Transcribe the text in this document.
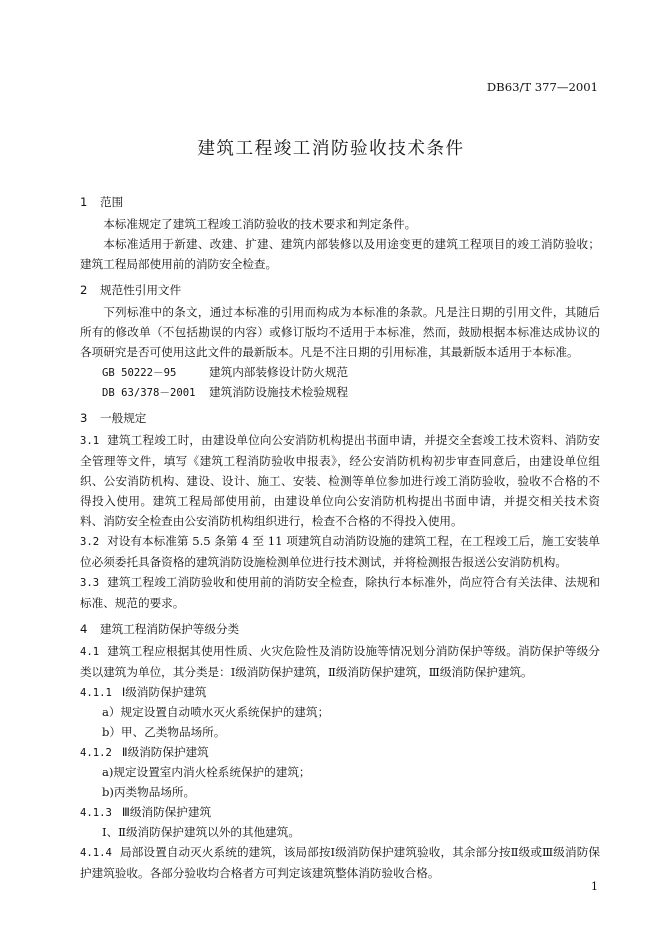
DB63/T 377—2001
建筑工程竣工消防验收技术条件
1 范围

本标准规定了建筑工程竣工消防验收的技术要求和判定条件。

本标准适用于新建、改建、扩建、建筑内部装修以及用途变更的建筑工程项目的竣工消防验收；建筑工程局部使用前的消防安全检查。

2 规范性引用文件

下列标准中的条文，通过本标准的引用而构成为本标准的条款。凡是注日期的引用文件，其随后所有的修改单（不包括勘误的内容）或修订版均不适用于本标准，然而，鼓励根据本标准达成协议的各项研究是否可使用这此文件的最新版本。凡是不注日期的引用标准，其最新版本适用于本标准。

GB 50222－95	建筑内部装修设计防火规范
DB 63/378－2001 建筑消防设施技术检验规程
3 一般规定

3.1 建筑工程竣工时，由建设单位向公安消防机构提出书面申请，并提交全套竣工技术资料、消防安全管理等文件，填写《建筑工程消防验收申报表》，经公安消防机构初步审查同意后，由建设单位组织、公安消防机构、建设、设计、施工、安装、检测等单位参加进行竣工消防验收，验收不合格的不得投入使用。建筑工程局部使用前，由建设单位向公安消防机构提出书面申请，并提交相关技术资料、消防安全检查由公安消防机构组织进行，检查不合格的不得投入使用。

3.2 对设有本标准第 5.5 条第 4 至 11 项建筑自动消防设施的建筑工程，在工程竣工后，施工安装单位必须委托具备资格的建筑消防设施检测单位进行技术测试，并将检测报告报送公安消防机构。

3.3 建筑工程竣工消防验收和使用前的消防安全检查，除执行本标准外，尚应符合有关法律、法规和标准、规范的要求。

4 建筑工程消防保护等级分类

4.1 建筑工程应根据其使用性质、火灾危险性及消防设施等情况划分消防保护等级。消防保护等级分类以建筑为单位，其分类是：Ⅰ级消防保护建筑，Ⅱ级消防保护建筑，Ⅲ级消防保护建筑。

4.1.1 Ⅰ级消防保护建筑
a）规定设置自动喷水灭火系统保护的建筑；
b）甲、乙类物品场所。
4.1.2 Ⅱ级消防保护建筑
a)规定设置室内消火栓系统保护的建筑；
b)丙类物品场所。
4.1.3 Ⅲ级消防保护建筑
Ⅰ、Ⅱ级消防保护建筑以外的其他建筑。

4.1.4 局部设置自动灭火系统的建筑，该局部按Ⅰ级消防保护建筑验收，其余部分按Ⅱ级或Ⅲ级消防保护建筑验收。各部分验收均合格者方可判定该建筑整体消防验收合格。

1
